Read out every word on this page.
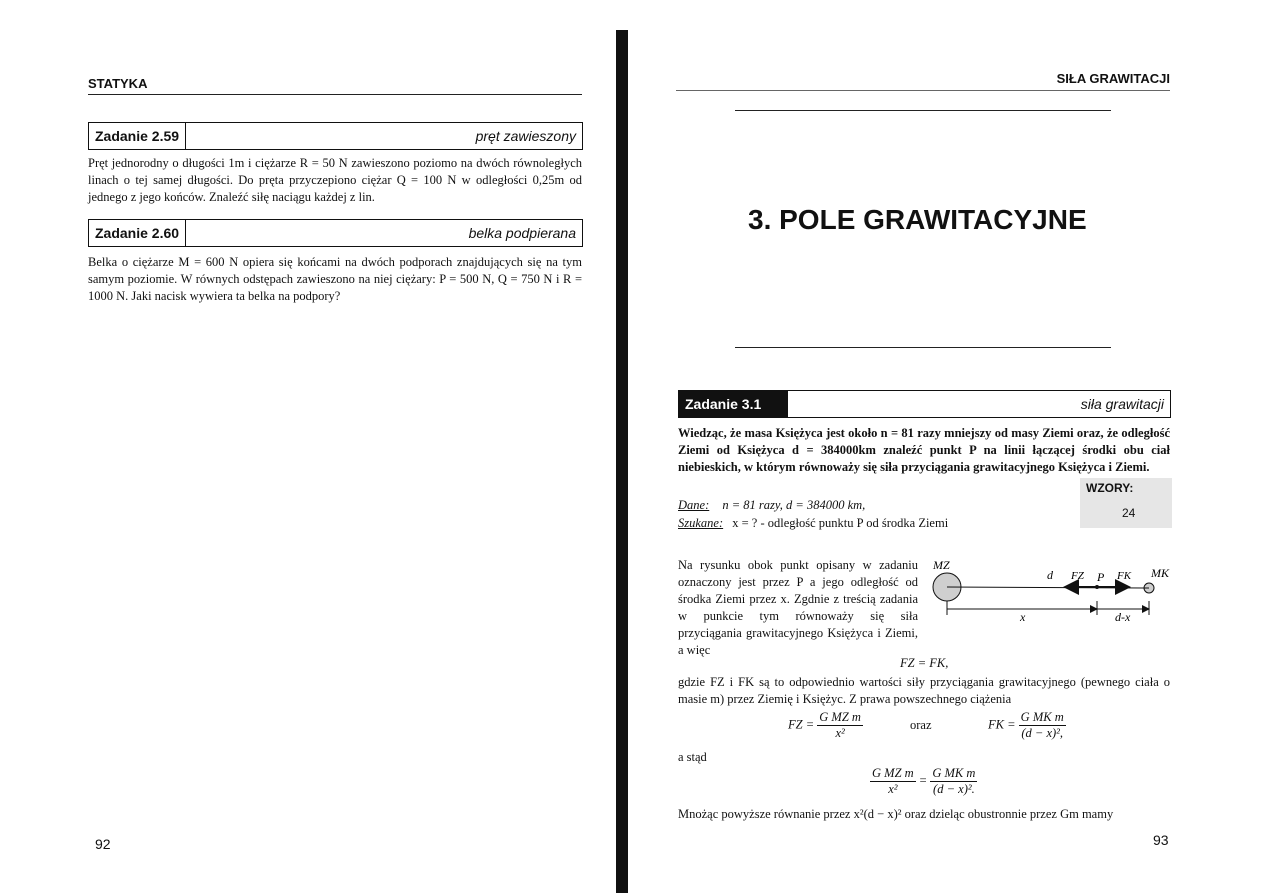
STATYKA
Zadanie 2.59	pręt zawieszony
Pręt jednorodny o długości 1m i ciężarze R = 50 N zawieszono poziomo na dwóch równoległych linach o tej samej długości. Do pręta przyczepiono ciężar Q = 100 N w odległości 0,25m od jednego z jego końców. Znaleźć siłę naciągu każdej z lin.
Zadanie 2.60	belka podpierana
Belka o ciężarze M = 600 N opiera się końcami na dwóch podporach znajdujących się na tym samym poziomie. W równych odstępach zawieszono na niej ciężary: P = 500 N, Q = 750 N i R = 1000 N. Jaki nacisk wywiera ta belka na podpory?
92
SIŁA GRAWITACJI
3. POLE GRAWITACYJNE
Zadanie 3.1	siła grawitacji
Wiedząc, że masa Księżyca jest około n = 81 razy mniejszy od masy Ziemi oraz, że odległość Ziemi od Księżyca d = 384000km znaleźć punkt P na linii łączącej środki obu ciał niebieskich, w którym równoważy się siła przyciągania grawitacyjnego Księżyca i Ziemi.
WZORY:
24
Dane: n = 81 razy, d = 384000 km,
Szukane: x = ? - odległość punktu P od środka Ziemi
Na rysunku obok punkt opisany w zadaniu oznaczony jest przez P a jego odległość od środka Ziemi przez x. Zgdnie z treścią zadania w punkcie tym równoważy się siła przyciągania grawitacyjnego Księżyca i Ziemi, a więc
MZ
MK
d FZ P FK
x	d-x
FZ = FK,
gdzie FZ i FK są to odpowiednio wartości siły przyciągania grawitacyjnego (pewnego ciała o masie m) przez Ziemię i Księżyc. Z prawa powszechnego ciążenia
FZ = $\frac{\text{G MZ m}}{\text{x²}}$	oraz	FK = $\frac{\text{G MK m}}{\text{(d − x)²,}}$
a stąd
$\frac{\text{G MZ m}}{\text{x²}} = \frac{\text{G MK m}}{\text{(d − x)².}}$
Mnożąc powyższe równanie przez x²(d − x)² oraz dzieląc obustronnie przez Gm mamy
93
